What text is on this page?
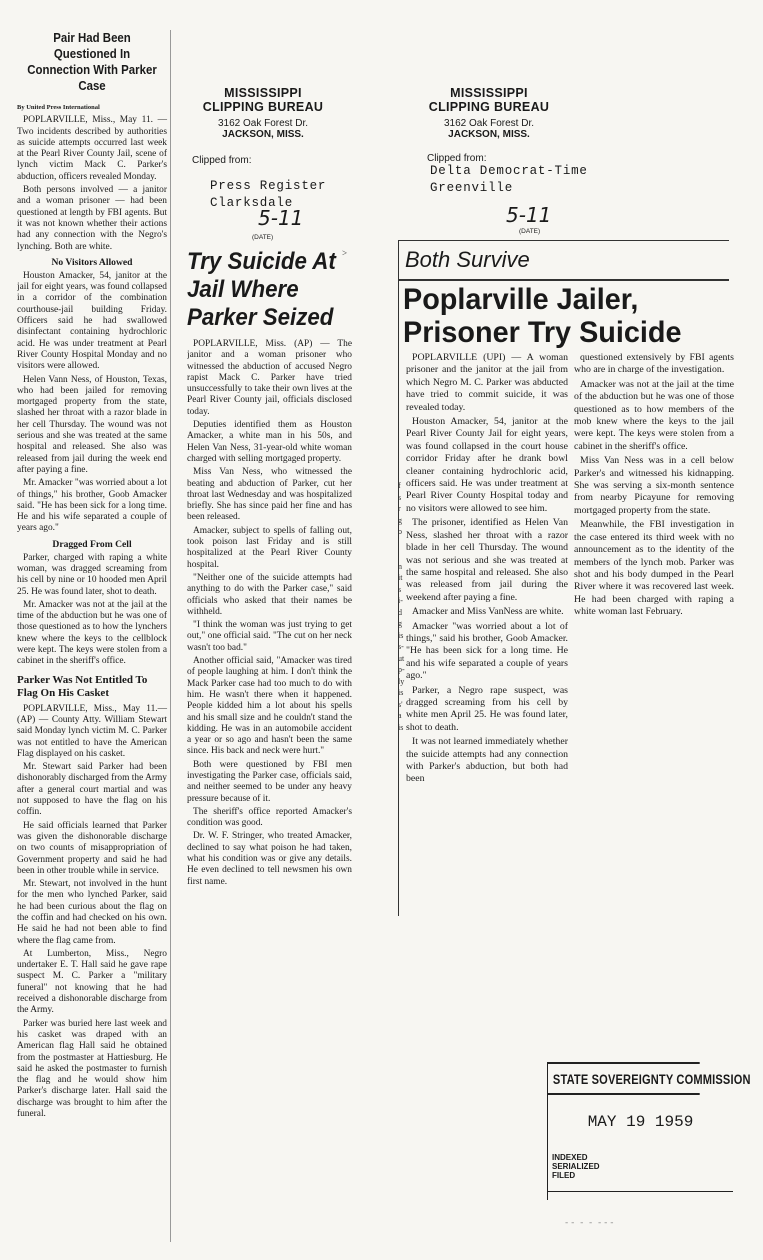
Pair Had Been Questioned In Connection With Parker Case

By United Press International

POPLARVILLE, Miss., May 11. — Two incidents described by authorities as suicide attempts occurred last week at the Pearl River County Jail, scene of lynch victim Mack C. Parker's abduction, officers revealed Monday.

Both persons involved — a janitor and a woman prisoner — had been questioned at length by FBI agents. But it was not known whether their actions had any connection with the Negro's lynching. Both are white.

No Visitors Allowed

Houston Amacker, 54, janitor at the jail for eight years, was found collapsed in a corridor of the combination courthouse-jail building Friday. Officers said he had swallowed disinfectant containing hydrochloric acid. He was under treatment at Pearl River County Hospital Monday and no visitors were allowed.

Helen Vann Ness, of Houston, Texas, who had been jailed for removing mortgaged property from the state, slashed her throat with a razor blade in her cell Thursday. The wound was not serious and she was treated at the same hospital and released. She also was released from jail during the week end after paying a fine.

Mr. Amacker "was worried about a lot of things," his brother, Goob Amacker said. "He has been sick for a long time. He and his wife separated a couple of years ago."

Dragged From Cell

Parker, charged with raping a white woman, was dragged screaming from his cell by nine or 10 hooded men April 25. He was found later, shot to death.

Mr. Amacker was not at the jail at the time of the abduction but he was one of those questioned as to how the lynchers knew where the keys to the cellblock were kept. The keys were stolen from a cabinet in the sheriff's office.

Parker Was Not Entitled To Flag On His Casket

POPLARVILLE, Miss., May 11.—(AP) — County Atty. William Stewart said Monday lynch victim M. C. Parker was not entitled to have the American Flag displayed on his casket.

Mr. Stewart said Parker had been dishonorably discharged from the Army after a general court martial and was not supposed to have the flag on his coffin.

He said officials learned that Parker was given the dishonorable discharge on two counts of misappropriation of Government property and said he had been in other trouble while in service.

Mr. Stewart, not involved in the hunt for the men who lynched Parker, said he had been curious about the flag on the coffin and had checked on his own. He said he had not been able to find where the flag came from.

At Lumberton, Miss., Negro undertaker E. T. Hall said he gave rape suspect M. C. Parker a "military funeral" not knowing that he had received a dishonorable discharge from the Army.

Parker was buried here last week and his casket was draped with an American flag Hall said he obtained from the postmaster at Hattiesburg. He said he asked the postmaster to furnish the flag and he would show him Parker's discharge later. Hall said the discharge was brought to him after the funeral.

MISSISSIPPI
CLIPPING BUREAU
3162 Oak Forest Dr.
JACKSON, MISS.
Clipped from:
Press Register
Clarksdale
5-11
(DATE)
MISSISSIPPI
CLIPPING BUREAU
3162 Oak Forest Dr.
JACKSON, MISS.
Clipped from:
Delta Democrat-Time
Greenville
5-11
(DATE)
Try Suicide At Jail Where Parker Seized

POPLARVILLE, Miss. (AP) — The janitor and a woman prisoner who witnessed the abduction of accused Negro rapist Mack C. Parker have tried unsuccessfully to take their own lives at the Pearl River County jail, officials disclosed today.

Deputies identified them as Houston Amacker, a white man in his 50s, and Helen Van Ness, 31-year-old white woman charged with selling mortgaged property.

Miss Van Ness, who witnessed the beating and abduction of Parker, cut her throat last Wednesday and was hospitalized briefly. She has since paid her fine and has been released.

Amacker, subject to spells of falling out, took poison last Friday and is still hospitalized at the Pearl River County hospital.

"Neither one of the suicide attempts had anything to do with the Parker case," said officials who asked that their names be withheld.

"I think the woman was just trying to get out," one official said. "The cut on her neck wasn't too bad."

Another official said, "Amacker was tired of people laughing at him. I don't think the Mack Parker case had too much to do with him. He wasn't there when it happened. People kidded him a lot about his spells and his small size and he couldn't stand the kidding. He was in an automobile accident a year or so ago and hasn't been the same since. His back and neck were hurt."

Both were questioned by FBI men investigating the Parker case, officials said, and neither seemed to be under any heavy pressure because of it.

The sheriff's office reported Amacker's condition was good.

Dr. W. F. Stringer, who treated Amacker, declined to say what poison he had taken, what his condition was or give any details. He even declined to tell newsmen his own first name.

>	Both Survive
Poplarville Jailer, Prisoner Try Suicide

POPLARVILLE (UPI) — A woman prisoner and the janitor at the jail from which Negro M. C. Parker was abducted have tried to commit suicide, it was revealed today.

Houston Amacker, 54, janitor at the Pearl River County Jail for eight years, was found collapsed in the court house corridor Friday after he drank bowl cleaner containing hydrochloric acid, officers said. He was under treatment at Pearl River County Hospital today and no visitors were allowed to see him.

The prisoner, identified as Helen Van Ness, slashed her throat with a razor blade in her cell Thursday. The wound was not serious and she was treated at the same hospital and released. She also was released from jail during the weekend after paying a fine.

Amacker and Miss VanNess are white.

Amacker "was worried about a lot of things," said his brother, Goob Amacker. "He has been sick for a long time. He and his wife separated a couple of years ago."

Parker, a Negro rape suspect, was dragged screaming from his cell by white men April 25. He was found later, shot to death.

It was not learned immediately whether the suicide attempts had any connection with Parker's abduction, but both had been

questioned extensively by FBI agents who are in charge of the investigation.

Amacker was not at the jail at the time of the abduction but he was one of those questioned as to how members of the mob knew where the keys to the jail were kept. The keys were stolen from a cabinet in the sheriff's office.

Miss Van Ness was in a cell below Parker's and witnessed his kidnapping. She was serving a six-month sentence from nearby Picayune for removing mortgaged property from the state.

Meanwhile, the FBI investigation in the case entered its third week with no announcement as to the identity of the members of the lynch mob. Parker was shot and his body dumped in the Pearl River where it was recovered last week. He had been charged with raping a white woman last February.

f
s
r
g
o

n
it
s
i-
d
g
is
s-
ut
p-
ly
is
s'
a
is
STATE SOVEREIGNTY COMMISSION
MAY 19 1959
INDEXED
SERIALIZED
FILED
- -  -  -  - - -
